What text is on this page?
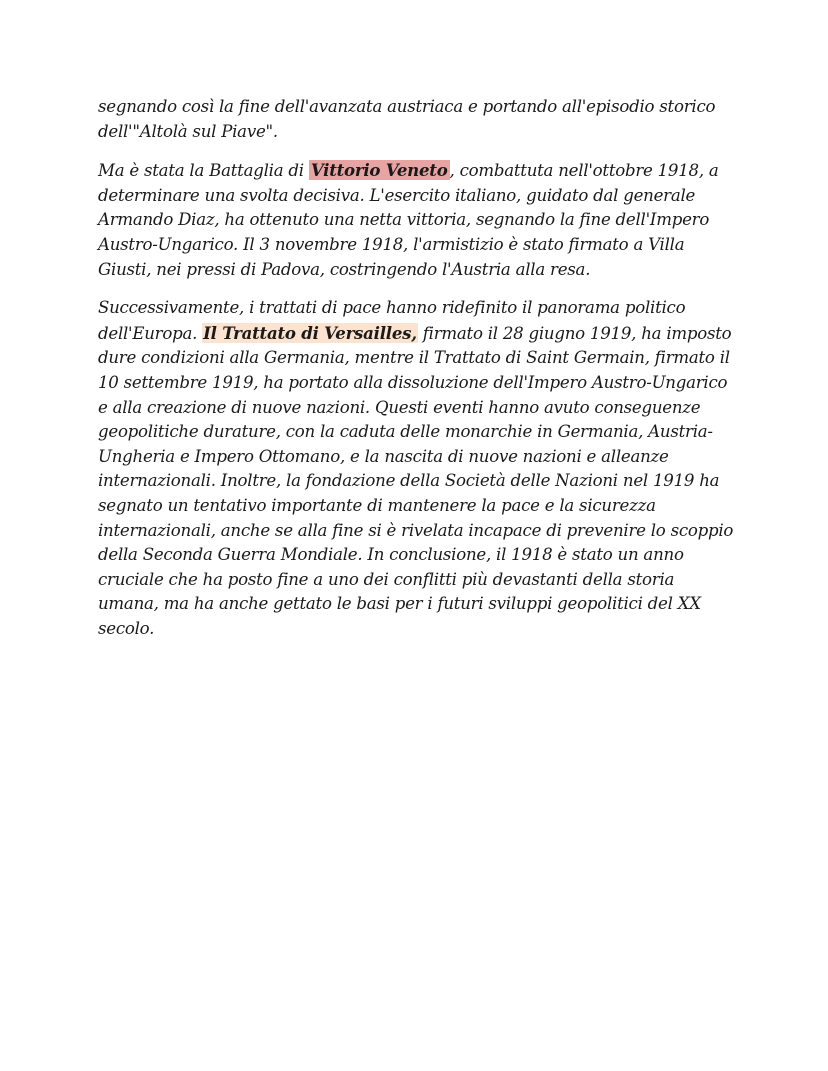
segnando così la fine dell'avanzata austriaca e portando all'episodio storico dell'"Altolà sul Piave".

Ma è stata la Battaglia di Vittorio Veneto , combattuta nell'ottobre 1918, a determinare una svolta decisiva. L'esercito italiano, guidato dal generale Armando Diaz, ha ottenuto una netta vittoria, segnando la fine dell'Impero Austro-Ungarico. Il 3 novembre 1918, l'armistizio è stato firmato a Villa Giusti, nei pressi di Padova, costringendo l'Austria alla resa.

Successivamente, i trattati di pace hanno ridefinito il panorama politico dell'Europa. Il Trattato di Versailles, firmato il 28 giugno 1919, ha imposto dure condizioni alla Germania, mentre il Trattato di Saint Germain, firmato il 10 settembre 1919, ha portato alla dissoluzione dell'Impero Austro-Ungarico e alla creazione di nuove nazioni. Questi eventi hanno avuto conseguenze geopolitiche durature, con la caduta delle monarchie in Germania, Austria-Ungheria e Impero Ottomano, e la nascita di nuove nazioni e alleanze internazionali. Inoltre, la fondazione della Società delle Nazioni nel 1919 ha segnato un tentativo importante di mantenere la pace e la sicurezza internazionali, anche se alla fine si è rivelata incapace di prevenire lo scoppio della Seconda Guerra Mondiale. In conclusione, il 1918 è stato un anno cruciale che ha posto fine a uno dei conflitti più devastanti della storia umana, ma ha anche gettato le basi per i futuri sviluppi geopolitici del XX secolo.
